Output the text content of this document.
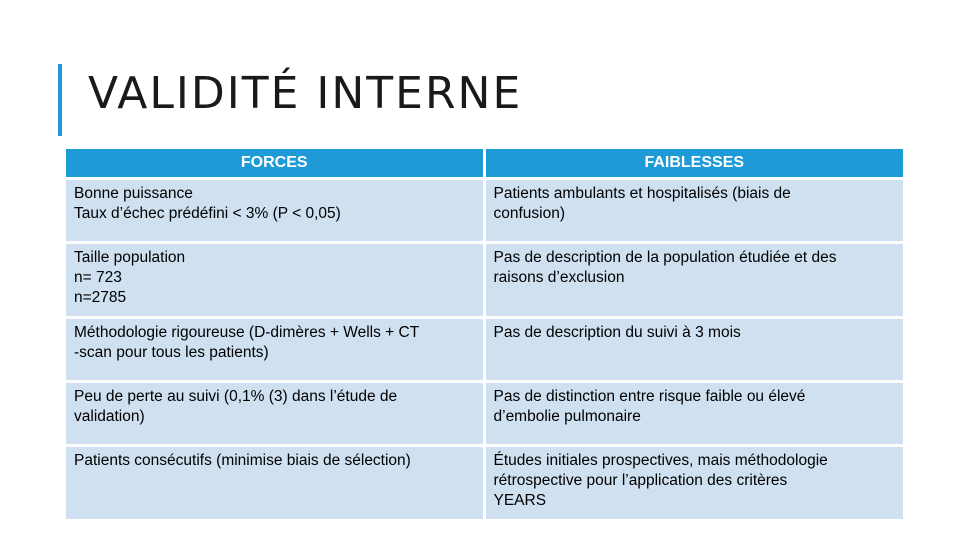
VALIDITÉ INTERNE
FORCES	FAIBLESSES

Bonne puissance
Taux d’échec prédéfini < 3% (P < 0,05)	Patients ambulants et hospitalisés (biais de
confusion)

Taille population
n= 723
n=2785	Pas de description de la population étudiée et des
raisons d’exclusion

Méthodologie rigoureuse (D-dimères + Wells + CT
-scan pour tous les patients)	Pas de description du suivi à 3 mois

Peu de perte au suivi (0,1% (3) dans l’étude de
validation)	Pas de distinction entre risque faible ou élevé
d’embolie pulmonaire

Patients consécutifs (minimise biais de sélection)	Études initiales prospectives, mais méthodologie
rétrospective pour l’application des critères
YEARS
